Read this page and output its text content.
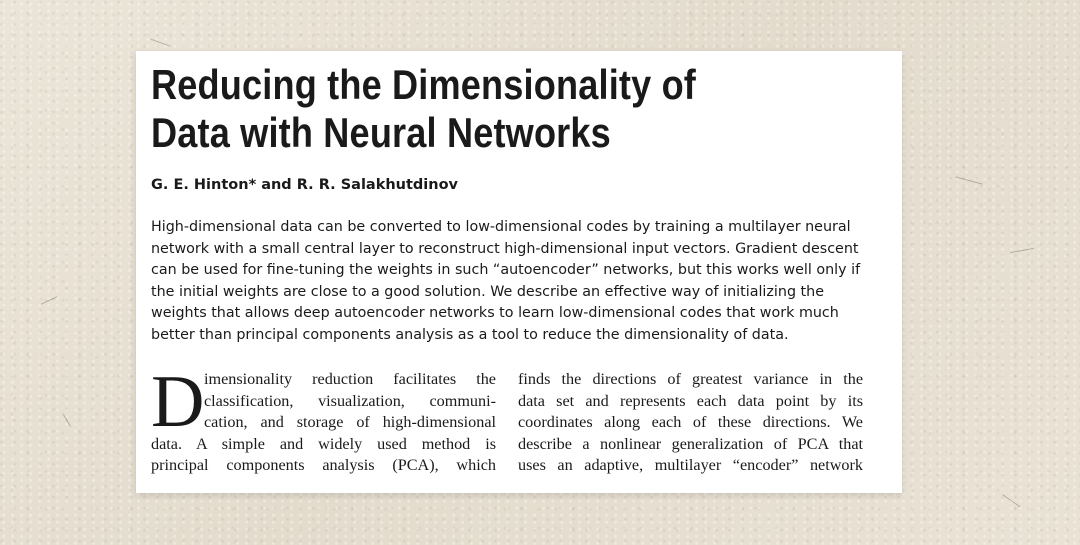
Reducing the Dimensionality of
Data with Neural Networks
G. E. Hinton* and R. R. Salakhutdinov
High-dimensional data can be converted to low-dimensional codes by training a multilayer neural
network with a small central layer to reconstruct high-dimensional input vectors. Gradient descent
can be used for fine-tuning the weights in such “autoencoder” networks, but this works well only if
the initial weights are close to a good solution. We describe an effective way of initializing the
weights that allows deep autoencoder networks to learn low-dimensional codes that work much
better than principal components analysis as a tool to reduce the dimensionality of data.
D imensionality reduction facilitates the
classification, visualization, communi-
cation, and storage of high-dimensional
data. A simple and widely used method is
principal components analysis (PCA), which
finds the directions of greatest variance in the
data set and represents each data point by its
coordinates along each of these directions. We
describe a nonlinear generalization of PCA that
uses an adaptive, multilayer “encoder” network
